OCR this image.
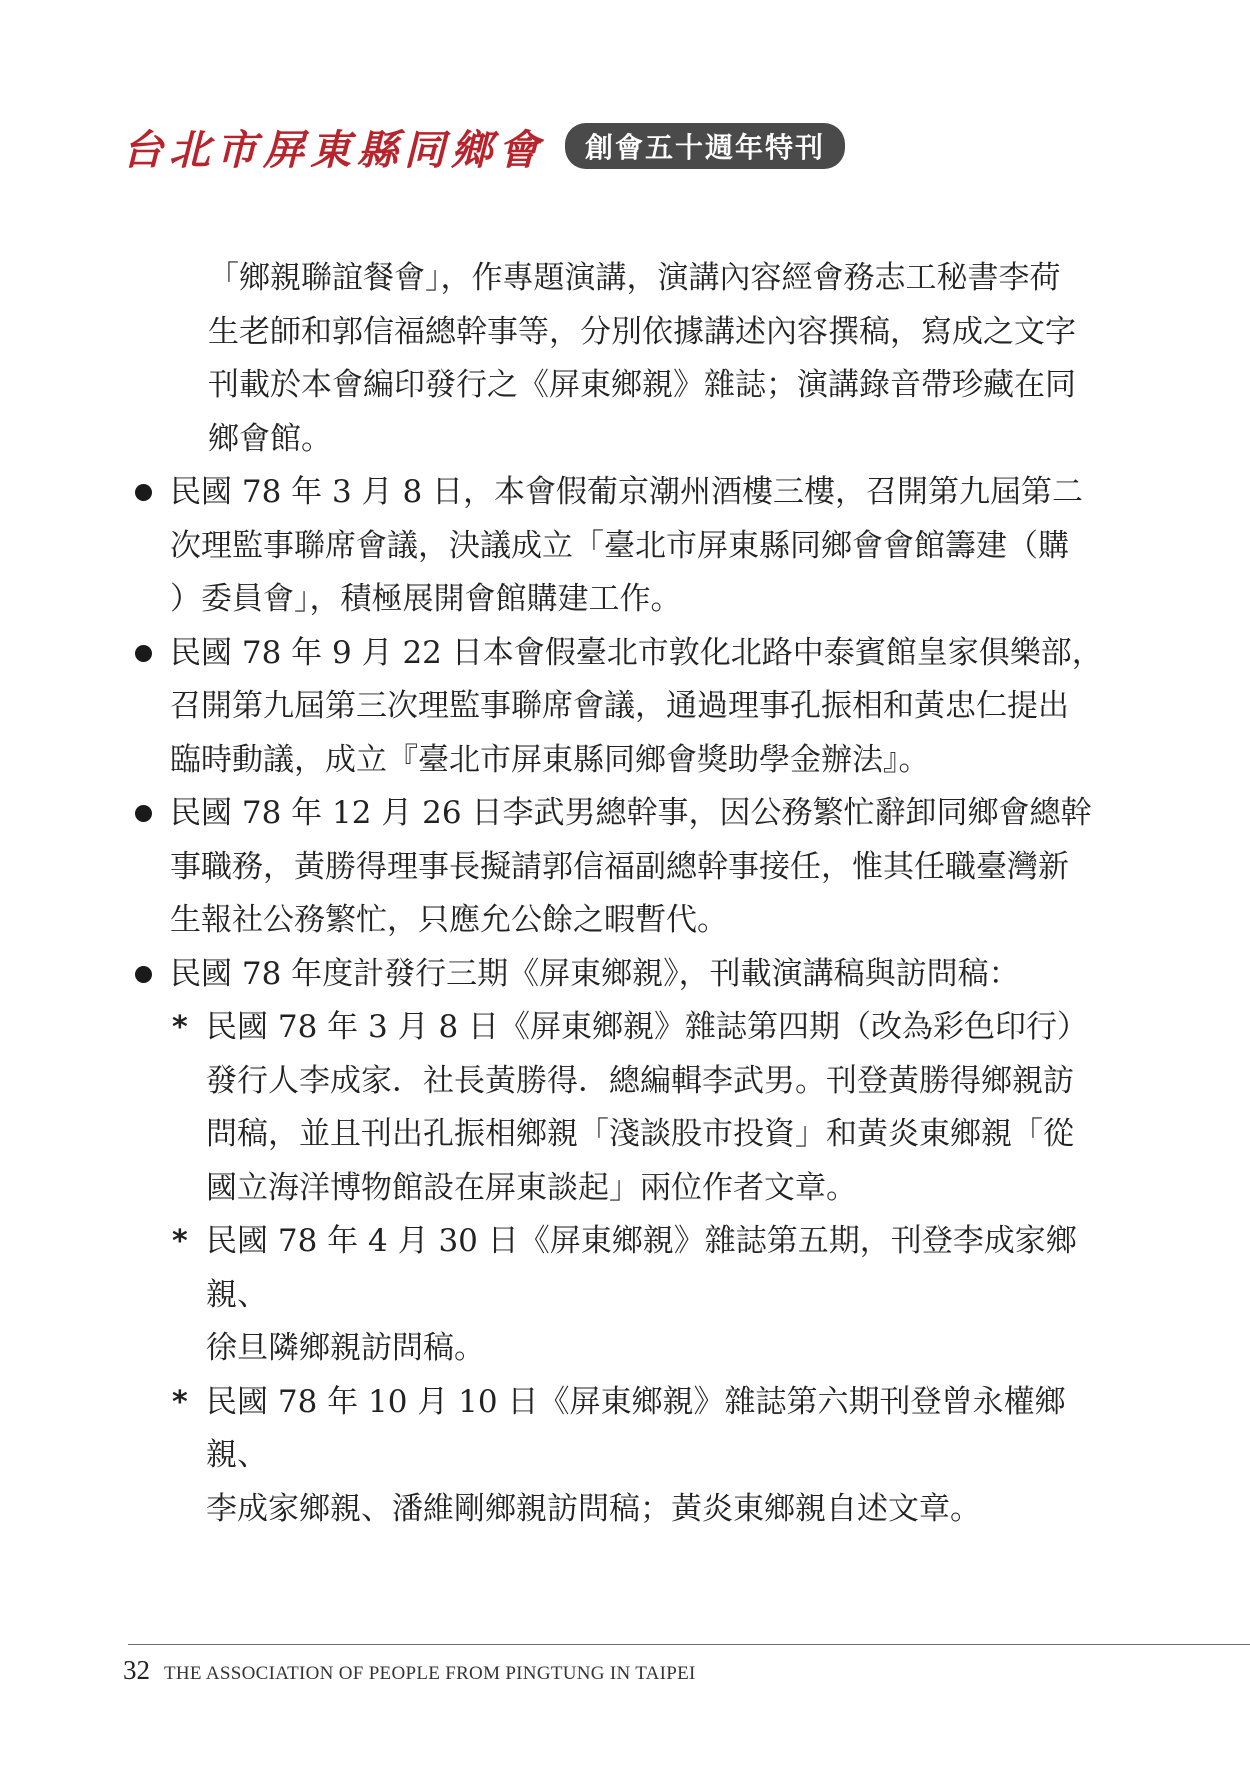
台北市屏東縣同鄉會	創會五十週年特刊
「鄉親聯誼餐會」，作專題演講，演講內容經會務志工秘書李荷
生老師和郭信福總幹事等，分別依據講述內容撰稿，寫成之文字
刊載於本會編印發行之《屏東鄉親》雜誌；演講錄音帶珍藏在同
鄉會館。
民國 78 年 3 月 8 日，本會假葡京潮州酒樓三樓，召開第九屆第二
次理監事聯席會議，決議成立「臺北市屏東縣同鄉會會館籌建（購
）委員會」，積極展開會館購建工作。
民國 78 年 9 月 22 日本會假臺北市敦化北路中泰賓館皇家俱樂部，
召開第九屆第三次理監事聯席會議，通過理事孔振相和黃忠仁提出
臨時動議，成立『臺北市屏東縣同鄉會獎助學金辦法』。
民國 78 年 12 月 26 日李武男總幹事，因公務繁忙辭卸同鄉會總幹
事職務，黃勝得理事長擬請郭信福副總幹事接任，惟其任職臺灣新
生報社公務繁忙，只應允公餘之暇暫代。
民國 78 年度計發行三期《屏東鄉親》，刊載演講稿與訪問稿：
* 民國 78 年 3 月 8 日《屏東鄉親》雜誌第四期（改為彩色印行）
發行人李成家．社長黃勝得．總編輯李武男。刊登黃勝得鄉親訪
問稿，並且刊出孔振相鄉親「淺談股市投資」和黃炎東鄉親「從
國立海洋博物館設在屏東談起」兩位作者文章。
* 民國 78 年 4 月 30 日《屏東鄉親》雜誌第五期，刊登李成家鄉親、
徐旦隣鄉親訪問稿。
* 民國 78 年 10 月 10 日《屏東鄉親》雜誌第六期刊登曾永權鄉親、
李成家鄉親、潘維剛鄉親訪問稿；黃炎東鄉親自述文章。
32 THE ASSOCIATION OF PEOPLE FROM PINGTUNG IN TAIPEI
